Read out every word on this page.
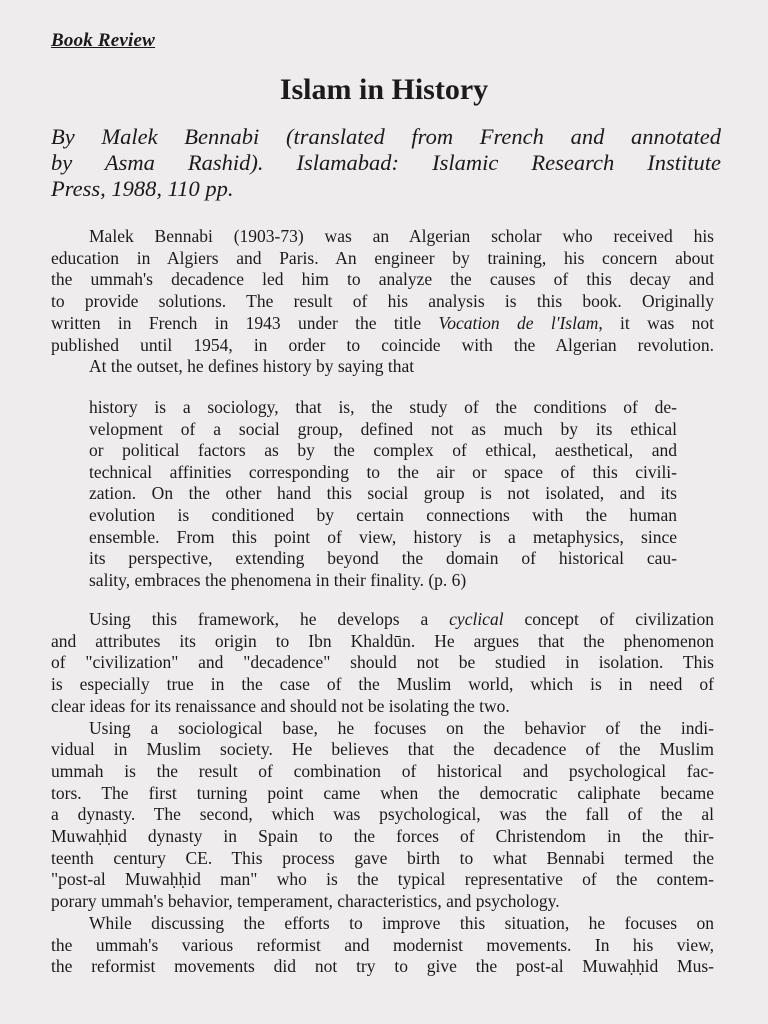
Book Review
Islam in History
By Malek Bennabi (translated from French and annotated
by Asma Rashid). Islamabad: Islamic Research Institute
Press, 1988, 110 pp.
Malek Bennabi (1903-73) was an Algerian scholar who received his
education in Algiers and Paris. An engineer by training, his concern about
the ummah's decadence led him to analyze the causes of this decay and
to provide solutions. The result of his analysis is this book. Originally
written in French in 1943 under the title Vocation de l'Islam, it was not
published until 1954, in order to coincide with the Algerian revolution.
At the outset, he defines history by saying that
history is a sociology, that is, the study of the conditions of de-
velopment of a social group, defined not as much by its ethical
or political factors as by the complex of ethical, aesthetical, and
technical affinities corresponding to the air or space of this civili-
zation. On the other hand this social group is not isolated, and its
evolution is conditioned by certain connections with the human
ensemble. From this point of view, history is a metaphysics, since
its perspective, extending beyond the domain of historical cau-
sality, embraces the phenomena in their finality. (p. 6)
Using this framework, he develops a cyclical concept of civilization
and attributes its origin to Ibn Khaldūn. He argues that the phenomenon
of "civilization" and "decadence" should not be studied in isolation. This
is especially true in the case of the Muslim world, which is in need of
clear ideas for its renaissance and should not be isolating the two.
Using a sociological base, he focuses on the behavior of the indi-
vidual in Muslim society. He believes that the decadence of the Muslim
ummah is the result of combination of historical and psychological fac-
tors. The first turning point came when the democratic caliphate became
a dynasty. The second, which was psychological, was the fall of the al
Muwaḥḥid dynasty in Spain to the forces of Christendom in the thir-
teenth century CE. This process gave birth to what Bennabi termed the
"post-al Muwaḥḥid man" who is the typical representative of the contem-
porary ummah's behavior, temperament, characteristics, and psychology.
While discussing the efforts to improve this situation, he focuses on
the ummah's various reformist and modernist movements. In his view,
the reformist movements did not try to give the post-al Muwaḥḥid Mus-
